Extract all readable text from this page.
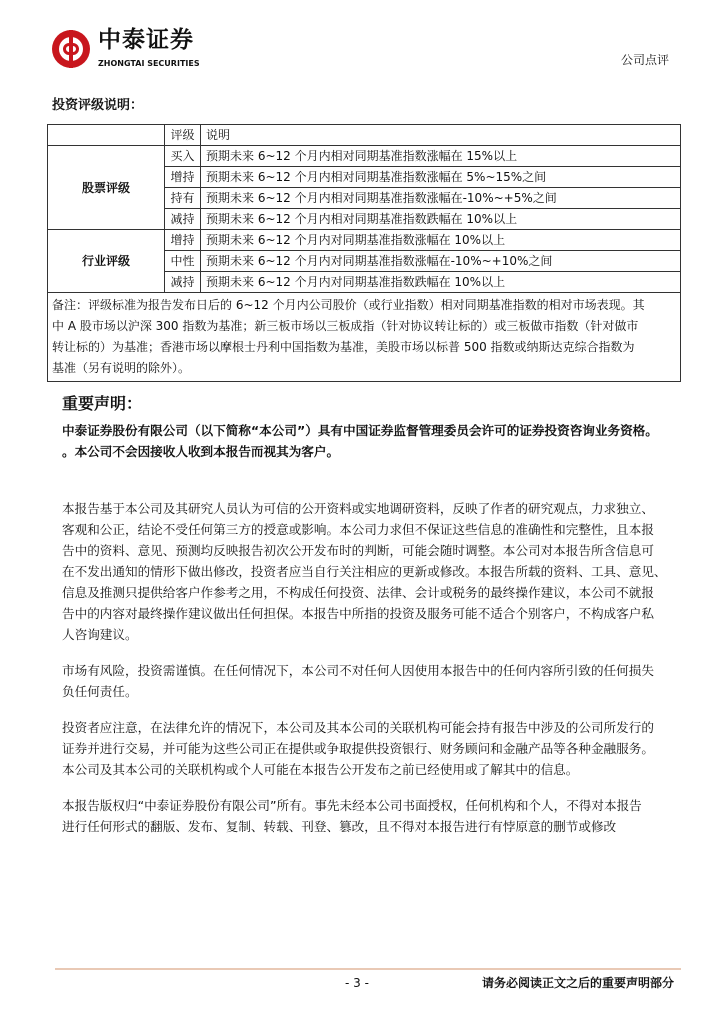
中泰证券
ZHONGTAI SECURITIES	公司点评
投资评级说明：
	评级	说明
股票评级	买入	预期未来 6~12 个月内相对同期基准指数涨幅在 15%以上
	增持	预期未来 6~12 个月内相对同期基准指数涨幅在 5%~15%之间
	持有	预期未来 6~12 个月内相对同期基准指数涨幅在-10%~+5%之间
	减持	预期未来 6~12 个月内相对同期基准指数跌幅在 10%以上
行业评级	增持	预期未来 6~12 个月内对同期基准指数涨幅在 10%以上
	中性	预期未来 6~12 个月内对同期基准指数涨幅在-10%~+10%之间
	减持	预期未来 6~12 个月内对同期基准指数跌幅在 10%以上

备注：评级标准为报告发布日后的 6~12 个月内公司股价（或行业指数）相对同期基准指数的相对市场表现。其
中 A 股市场以沪深 300 指数为基准；新三板市场以三板成指（针对协议转让标的）或三板做市指数（针对做市
转让标的）为基准；香港市场以摩根士丹利中国指数为基准，美股市场以标普 500 指数或纳斯达克综合指数为
基准（另有说明的除外）。		
重要声明：
中泰证券股份有限公司（以下简称“本公司”）具有中国证券监督管理委员会许可的证券投资咨询业务资格。
。本公司不会因接收人收到本报告而视其为客户。
本报告基于本公司及其研究人员认为可信的公开资料或实地调研资料，反映了作者的研究观点，力求独立、
客观和公正，结论不受任何第三方的授意或影响。本公司力求但不保证这些信息的准确性和完整性，且本报
告中的资料、意见、预测均反映报告初次公开发布时的判断，可能会随时调整。本公司对本报告所含信息可
在不发出通知的情形下做出修改，投资者应当自行关注相应的更新或修改。本报告所载的资料、工具、意见、
信息及推测只提供给客户作参考之用，不构成任何投资、法律、会计或税务的最终操作建议，本公司不就报
告中的内容对最终操作建议做出任何担保。本报告中所指的投资及服务可能不适合个别客户，不构成客户私
人咨询建议。
市场有风险，投资需谨慎。在任何情况下，本公司不对任何人因使用本报告中的任何内容所引致的任何损失
负任何责任。
投资者应注意，在法律允许的情况下，本公司及其本公司的关联机构可能会持有报告中涉及的公司所发行的
证券并进行交易，并可能为这些公司正在提供或争取提供投资银行、财务顾问和金融产品等各种金融服务。
本公司及其本公司的关联机构或个人可能在本报告公开发布之前已经使用或了解其中的信息。
本报告版权归“中泰证券股份有限公司”所有。事先未经本公司书面授权，任何机构和个人，不得对本报告
进行任何形式的翻版、发布、复制、转载、刊登、篡改，且不得对本报告进行有悖原意的删节或修改
- 3 -	请务必阅读正文之后的重要声明部分
